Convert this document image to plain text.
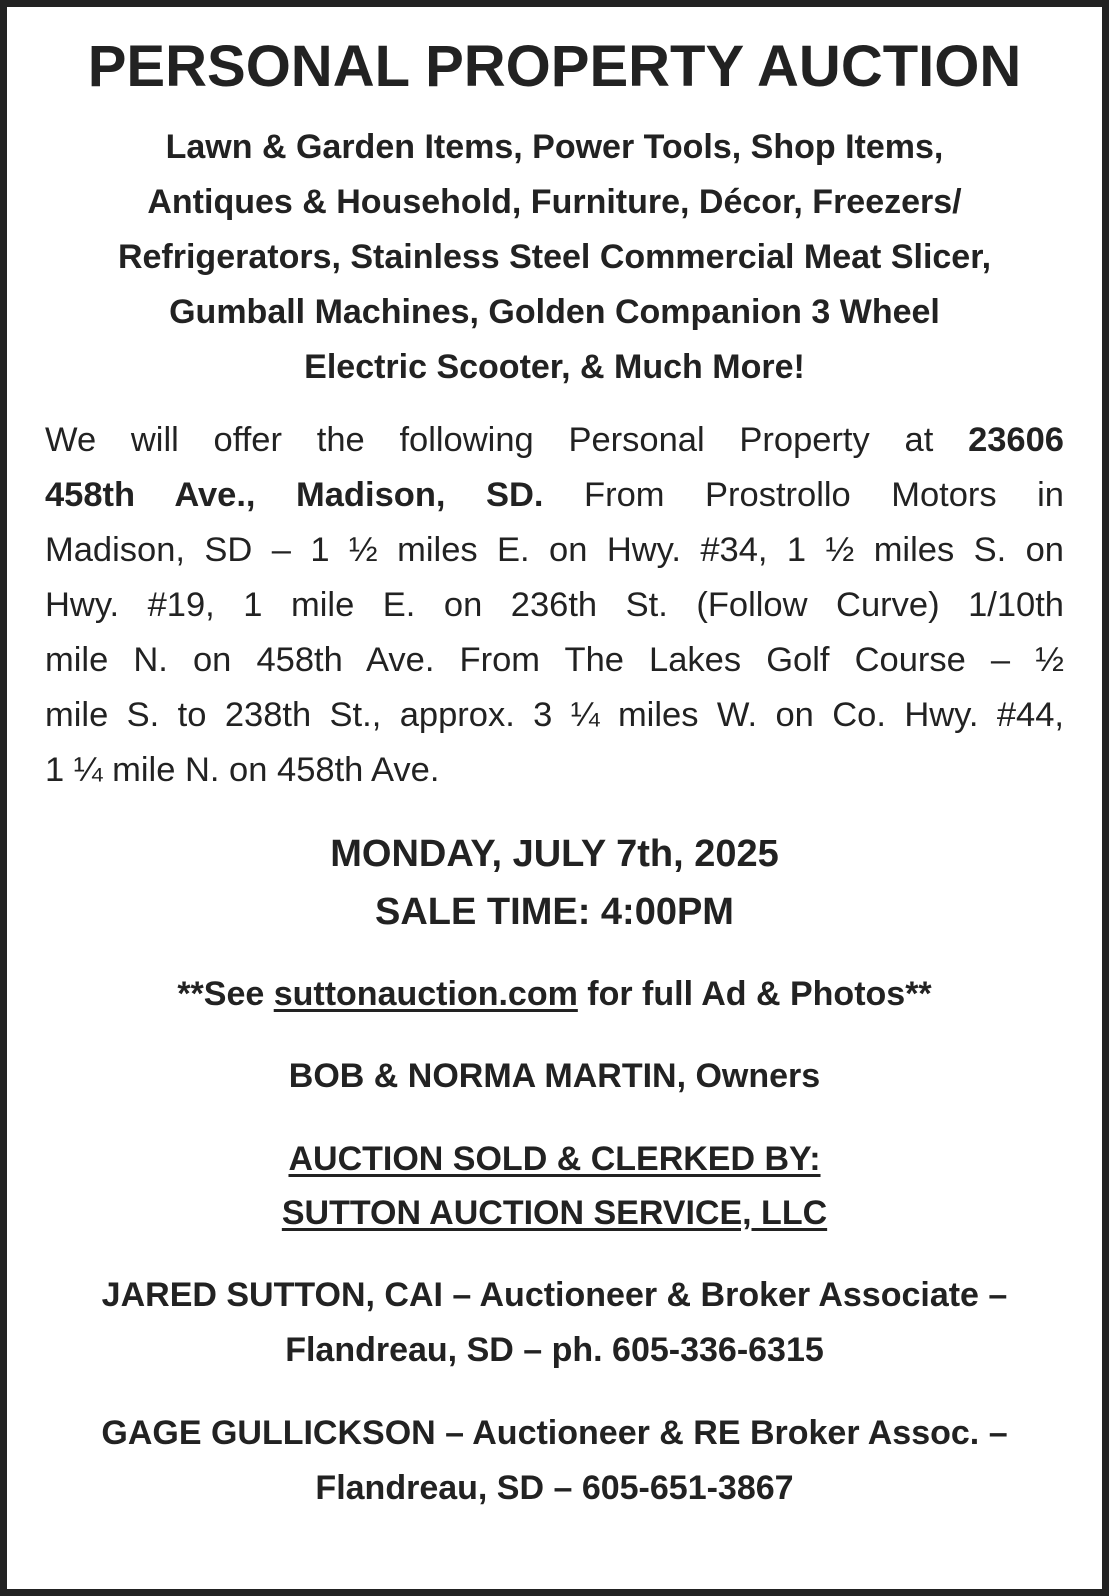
PERSONAL PROPERTY AUCTION

Lawn & Garden Items, Power Tools, Shop Items,
Antiques & Household, Furniture, Décor, Freezers/
Refrigerators, Stainless Steel Commercial Meat Slicer,
Gumball Machines, Golden Companion 3 Wheel
Electric Scooter, & Much More!

We will offer the following Personal Property at 23606
458th Ave., Madison, SD. From Prostrollo Motors in
Madison, SD – 1 ½ miles E. on Hwy. #34, 1 ½ miles S. on
Hwy. #19, 1 mile E. on 236th St. (Follow Curve) 1/10th
mile N. on 458th Ave. From The Lakes Golf Course – ½
mile S. to 238th St., approx. 3 ¼ miles W. on Co. Hwy. #44,
1 ¼ mile N. on 458th Ave.

MONDAY, JULY 7th, 2025
SALE TIME: 4:00PM

**See suttonauction.com for full Ad & Photos**

BOB & NORMA MARTIN, Owners

AUCTION SOLD & CLERKED BY:
SUTTON AUCTION SERVICE, LLC

JARED SUTTON, CAI – Auctioneer & Broker Associate –
Flandreau, SD – ph. 605-336-6315

GAGE GULLICKSON – Auctioneer & RE Broker Assoc. –
Flandreau, SD – 605-651-3867
